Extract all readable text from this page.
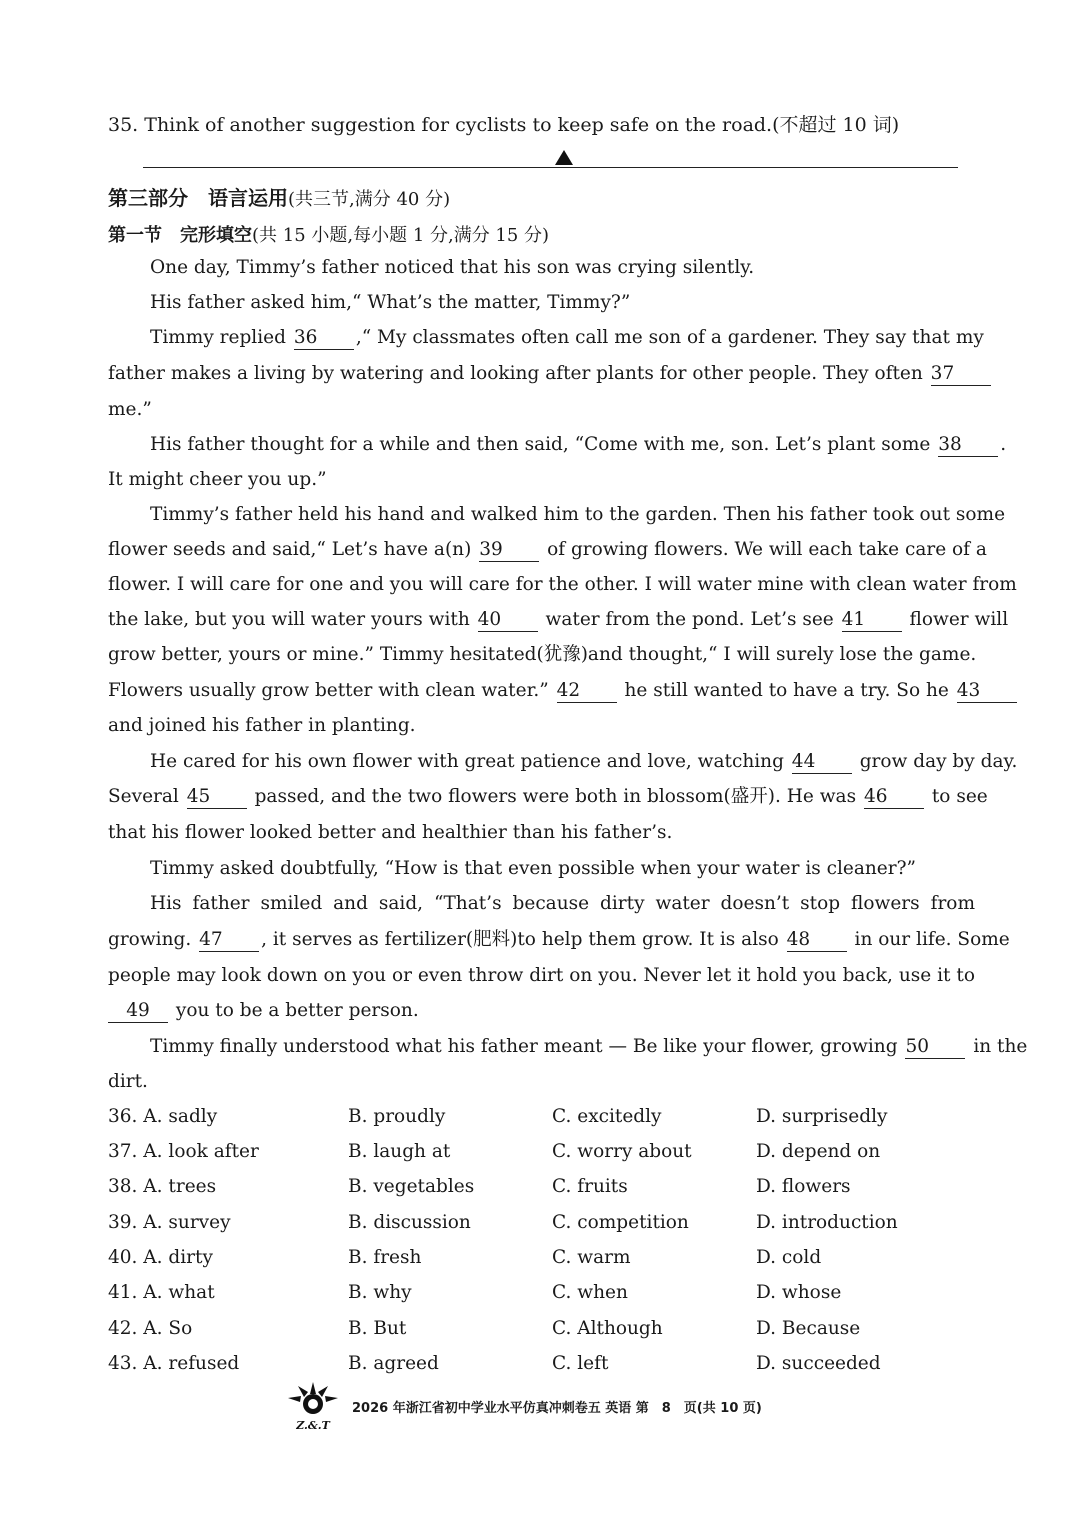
35. Think of another suggestion for cyclists to keep safe on the road.(不超过 10 词)
第三部分　语言运用(共三节,满分 40 分)
第一节　完形填空(共 15 小题,每小题 1 分,满分 15 分)
One day, Timmy’s father noticed that his son was crying silently.
His father asked him,“ What’s the matter, Timmy?”
Timmy replied 36 ,“ My classmates often call me son of a gardener. They say that my
father makes a living by watering and looking after plants for other people. They often 37
me.”
His father thought for a while and then said, “Come with me, son. Let’s plant some 38 .
It might cheer you up.”
Timmy’s father held his hand and walked him to the garden. Then his father took out some
flower seeds and said,“ Let’s have a(n) 39 of growing flowers. We will each take care of a
flower. I will care for one and you will care for the other. I will water mine with clean water from
the lake, but you will water yours with 40 water from the pond. Let’s see 41 flower will
grow better, yours or mine.” Timmy hesitated(犹豫)and thought,“ I will surely lose the game.
Flowers usually grow better with clean water.” 42 he still wanted to have a try. So he 43
and joined his father in planting.
He cared for his own flower with great patience and love, watching 44 grow day by day.
Several 45 passed, and the two flowers were both in blossom(盛开). He was 46 to see
that his flower looked better and healthier than his father’s.
Timmy asked doubtfully, “How is that even possible when your water is cleaner?”
His father smiled and said, “That’s because dirty water doesn’t stop flowers from
growing. 47 , it serves as fertilizer(肥料)to help them grow. It is also 48 in our life. Some
people may look down on you or even throw dirt on you. Never let it hold you back, use it to
49 you to be a better person.
Timmy finally understood what his father meant — Be like your flower, growing 50 in the
dirt.
36. A. sadly	B. proudly	C. excitedly	D. surprisedly
37. A. look after	B. laugh at	C. worry about	D. depend on
38. A. trees	B. vegetables	C. fruits	D. flowers
39. A. survey	B. discussion	C. competition	D. introduction
40. A. dirty	B. fresh	C. warm	D. cold
41. A. what	B. why	C. when	D. whose
42. A. So	B. But	C. Although	D. Because
43. A. refused	B. agreed	C. left	D. succeeded
Z.&.T
2026 年浙江省初中学业水平仿真冲刺卷五 英语 第　8　页(共 10 页)
